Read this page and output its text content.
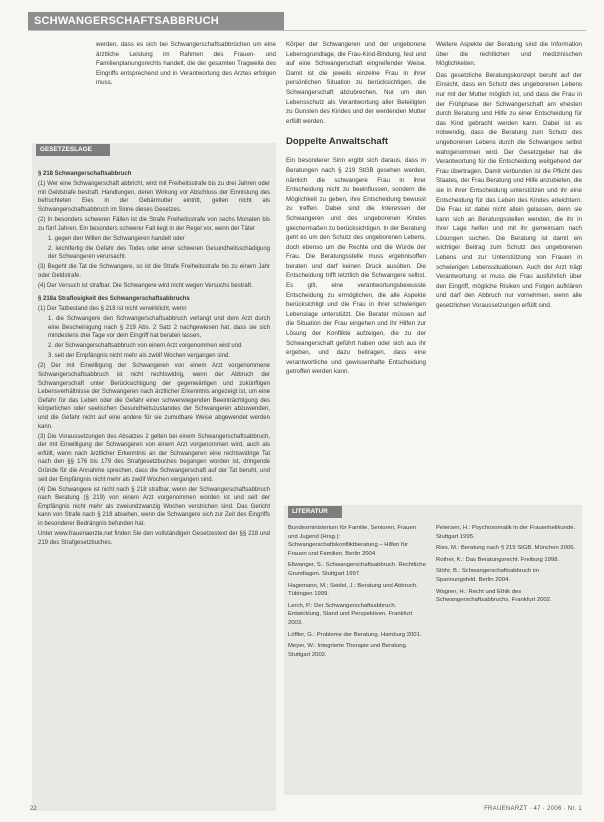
SCHWANGERSCHAFTSABBRUCH

werden, dass es sich bei Schwangerschaftsabbrüchen um eine ärztliche Leistung im Rahmen des Frauen- und Familienplanungsrechts handelt, die der gesamten Tragweite des Eingriffs entsprechend und in Verantwortung des Arztes erfolgen muss.

GESETZESLAGE

§ 218 Schwangerschaftsabbruch

(1) Wer eine Schwangerschaft abbricht, wird mit Freiheitsstrafe bis zu drei Jahren oder mit Geldstrafe bestraft. Handlungen, deren Wirkung vor Abschluss der Einnistung des befruchteten Eies in der Gebärmutter eintritt, gelten nicht als Schwangerschaftsabbruch im Sinne dieses Gesetzes.

(2) In besonders schweren Fällen ist die Strafe Freiheitsstrafe von sechs Monaten bis zu fünf Jahren. Ein besonders schwerer Fall liegt in der Regel vor, wenn der Täter

1. gegen den Willen der Schwangeren handelt oder

2. leichtfertig die Gefahr des Todes oder einer schweren Gesundheitsschädigung der Schwangeren verursacht.

(3) Begeht die Tat die Schwangere, so ist die Strafe Freiheitsstrafe bis zu einem Jahr oder Geldstrafe.

(4) Der Versuch ist strafbar. Die Schwangere wird nicht wegen Versuchs bestraft.

§ 218a Straflosigkeit des Schwangerschaftsabbruchs

(1) Der Tatbestand des § 218 ist nicht verwirklicht, wenn

1. die Schwangere den Schwangerschaftsabbruch verlangt und dem Arzt durch eine Bescheinigung nach § 219 Abs. 2 Satz 2 nachgewiesen hat, dass sie sich mindestens drei Tage vor dem Eingriff hat beraten lassen,

2. der Schwangerschaftsabbruch von einem Arzt vorgenommen wird und

3. seit der Empfängnis nicht mehr als zwölf Wochen vergangen sind.

(2) Der mit Einwilligung der Schwangeren von einem Arzt vorgenommene Schwangerschaftsabbruch ist nicht rechtswidrig, wenn der Abbruch der Schwangerschaft unter Berücksichtigung der gegenwärtigen und zukünftigen Lebensverhältnisse der Schwangeren nach ärztlicher Erkenntnis angezeigt ist, um eine Gefahr für das Leben oder die Gefahr einer schwerwiegenden Beeinträchtigung des körperlichen oder seelischen Gesundheitszustandes der Schwangeren abzuwenden, und die Gefahr nicht auf eine andere für sie zumutbare Weise abgewendet werden kann.

(3) Die Voraussetzungen des Absatzes 2 gelten bei einem Schwangerschaftsabbruch, der mit Einwilligung der Schwangeren von einem Arzt vorgenommen wird, auch als erfüllt, wenn nach ärztlicher Erkenntnis an der Schwangeren eine rechtswidrige Tat nach den §§ 176 bis 179 des Strafgesetzbuches begangen worden ist, dringende Gründe für die Annahme sprechen, dass die Schwangerschaft auf der Tat beruht, und seit der Empfängnis nicht mehr als zwölf Wochen vergangen sind.

(4) Die Schwangere ist nicht nach § 218 strafbar, wenn der Schwangerschaftsabbruch nach Beratung (§ 219) von einem Arzt vorgenommen worden ist und seit der Empfängnis nicht mehr als zweiundzwanzig Wochen verstrichen sind. Das Gericht kann von Strafe nach § 218 absehen, wenn die Schwangere sich zur Zeit des Eingriffs in besonderer Bedrängnis befunden hat.

Unter www.frauenaerzte.net finden Sie den vollständigen Gesetzestext der §§ 218 und 219 des Strafgesetzbuches.

Körper der Schwangeren und der ungeborene Lebensgrundlage, die Frau-Kind-Bindung, fest und auf eine Schwangerschaft eingreifender Weise. Damit ist die jeweils einzelne Frau in ihrer persönlichen Situation zu berücksichtigen, die Schwangerschaft abzubrechen. Nur um den Lebensschutz als Verantwortung aller Beteiligten zu Gunsten des Kindes und der werdenden Mutter erfüllt werden.

Doppelte Anwaltschaft

Ein besonderer Sinn ergibt sich daraus, dass in Beratungen nach § 219 StGB gesehen werden, nämlich die schwangere Frau in ihrer Entscheidung nicht zu beeinflussen, sondern die Möglichkeit zu geben, ihre Entscheidung bewusst zu treffen. Dabei sind die Interessen der Schwangeren und des ungeborenen Kindes gleichermaßen zu berücksichtigen. In der Beratung geht es um den Schutz des ungeborenen Lebens, doch ebenso um die Rechte und die Würde der Frau. Die Beratungsstelle muss ergebnisoffen beraten und darf keinen Druck ausüben. Die Entscheidung trifft letztlich die Schwangere selbst. Es gilt, eine verantwortungsbewusste Entscheidung zu ermöglichen, die alle Aspekte berücksichtigt und die Frau in ihrer schwierigen Lebenslage unterstützt. Die Berater müssen auf die Situation der Frau eingehen und ihr Hilfen zur Lösung der Konflikte aufzeigen, die zu der Schwangerschaft geführt haben oder sich aus ihr ergeben, und dazu beitragen, dass eine verantwortliche und gewissenhafte Entscheidung getroffen werden kann.

Weitere Aspekte der Beratung sind die Information über die rechtlichen und medizinischen Möglichkeiten.

Das gesetzliche Beratungskonzept beruht auf der Einsicht, dass ein Schutz des ungeborenen Lebens nur mit der Mutter möglich ist, und dass die Frau in der Frühphase der Schwangerschaft am ehesten durch Beratung und Hilfe zu einer Entscheidung für das Kind gebracht werden kann. Dabei ist es notwendig, dass die Beratung zum Schutz des ungeborenen Lebens durch die Schwangere selbst wahrgenommen wird. Der Gesetzgeber hat die Verantwortung für die Entscheidung weitgehend der Frau übertragen. Damit verbunden ist die Pflicht des Staates, der Frau Beratung und Hilfe anzubieten, die sie in ihrer Entscheidung unterstützen und ihr eine Entscheidung für das Leben des Kindes erleichtern. Die Frau ist dabei nicht allein gelassen, denn sie kann sich an Beratungsstellen wenden, die ihr in ihrer Lage helfen und mit ihr gemeinsam nach Lösungen suchen. Die Beratung ist damit ein wichtiger Beitrag zum Schutz des ungeborenen Lebens und zur Unterstützung von Frauen in schwierigen Lebenssituationen. Auch der Arzt trägt Verantwortung: er muss die Frau ausführlich über den Eingriff, mögliche Risiken und Folgen aufklären und darf den Abbruch nur vornehmen, wenn alle gesetzlichen Voraussetzungen erfüllt sind.

LITERATUR

Bundesministerium für Familie, Senioren, Frauen und Jugend (Hrsg.): Schwangerschaftskonfliktberatung – Hilfen für Frauen und Familien. Berlin 2004.

Ellwanger, S.: Schwangerschaftsabbruch. Rechtliche Grundlagen. Stuttgart 1997.

Hagemann, M.; Seidel, J.: Beratung und Abbruch. Tübingen 1999.

Lerch, P.: Der Schwangerschaftsabbruch. Entwicklung, Stand und Perspektiven. Frankfurt 2003.

Löffler, G.: Probleme der Beratung. Hamburg 2001.

Meyer, W.: Integrierte Therapie und Beratung. Stuttgart 2002.

Petersen, H.: Psychosomatik in der Frauenheilkunde. Stuttgart 1995.

Ries, M.: Beratung nach § 219 StGB. München 2006.

Rother, K.: Das Beratungsrecht. Freiburg 1998.

Stöhr, B.: Schwangerschaftsabbruch im Spannungsfeld. Berlin 2004.

Wagner, H.: Recht und Ethik des Schwangerschaftsabbruchs. Frankfurt 2002.

22	FRAUENARZT · 47 · 2006 · Nr. 1
